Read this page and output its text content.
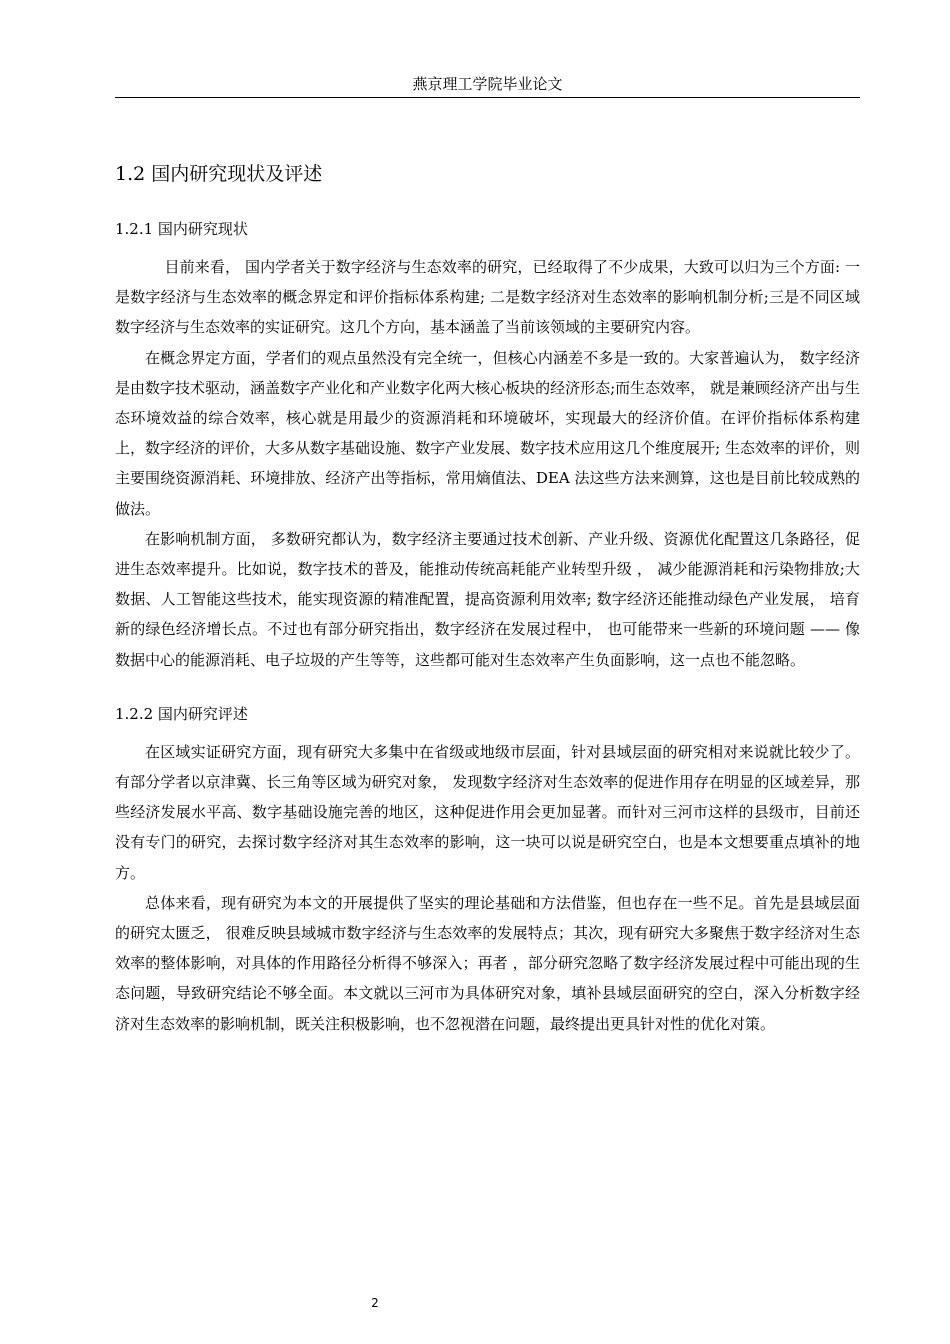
燕京理工学院毕业论文
1.2 国内研究现状及评述
1.2.1 国内研究现状

目前来看， 国内学者关于数字经济与生态效率的研究，已经取得了不少成果，大致可以归为三个方面: 一是数字经济与生态效率的概念界定和评价指标体系构建; 二是数字经济对生态效率的影响机制分析;三是不同区域数字经济与生态效率的实证研究。这几个方向，基本涵盖了当前该领域的主要研究内容。

在概念界定方面，学者们的观点虽然没有完全统一，但核心内涵差不多是一致的。大家普遍认为， 数字经济是由数字技术驱动，涵盖数字产业化和产业数字化两大核心板块的经济形态;而生态效率， 就是兼顾经济产出与生态环境效益的综合效率，核心就是用最少的资源消耗和环境破坏，实现最大的经济价值。在评价指标体系构建上，数字经济的评价，大多从数字基础设施、数字产业发展、数字技术应用这几个维度展开; 生态效率的评价，则主要围绕资源消耗、环境排放、经济产出等指标，常用熵值法、DEA 法这些方法来测算，这也是目前比较成熟的做法。

在影响机制方面， 多数研究都认为，数字经济主要通过技术创新、产业升级、资源优化配置这几条路径，促进生态效率提升。比如说，数字技术的普及，能推动传统高耗能产业转型升级 ， 减少能源消耗和污染物排放;大数据、人工智能这些技术，能实现资源的精准配置，提高资源利用效率; 数字经济还能推动绿色产业发展， 培育新的绿色经济增长点。不过也有部分研究指出，数字经济在发展过程中， 也可能带来一些新的环境问题 —— 像数据中心的能源消耗、电子垃圾的产生等等，这些都可能对生态效率产生负面影响，这一点也不能忽略。

1.2.2 国内研究评述

在区域实证研究方面，现有研究大多集中在省级或地级市层面，针对县域层面的研究相对来说就比较少了。有部分学者以京津冀、长三角等区域为研究对象， 发现数字经济对生态效率的促进作用存在明显的区域差异，那些经济发展水平高、数字基础设施完善的地区，这种促进作用会更加显著。而针对三河市这样的县级市，目前还没有专门的研究，去探讨数字经济对其生态效率的影响，这一块可以说是研究空白，也是本文想要重点填补的地方。

总体来看，现有研究为本文的开展提供了坚实的理论基础和方法借鉴，但也存在一些不足。首先是县域层面的研究太匮乏， 很难反映县域城市数字经济与生态效率的发展特点；其次，现有研究大多聚焦于数字经济对生态效率的整体影响，对具体的作用路径分析得不够深入；再者 ，部分研究忽略了数字经济发展过程中可能出现的生态问题，导致研究结论不够全面。本文就以三河市为具体研究对象，填补县域层面研究的空白，深入分析数字经济对生态效率的影响机制，既关注积极影响，也不忽视潜在问题，最终提出更具针对性的优化对策。

2
